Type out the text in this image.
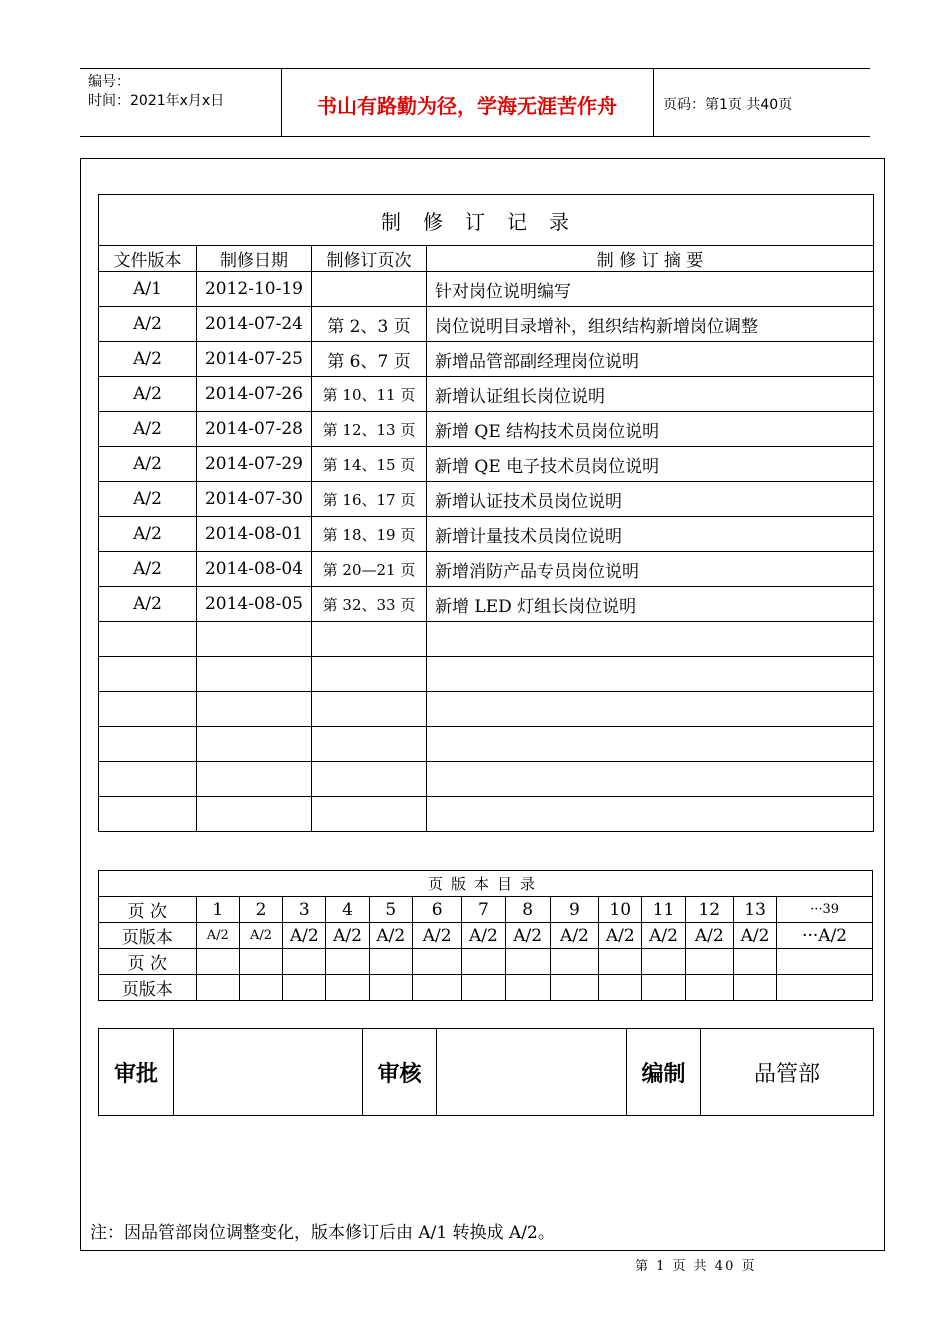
编号：
时间：2021年x月x日	书山有路勤为径，学海无涯苦作舟	页码：第1页 共40页
制修订记录			
文件版本	制修日期	制修订页次	制 修 订 摘 要
A/1	2012-10-19		针对岗位说明编写
A/2	2014-07-24	第 2、3 页	岗位说明目录增补，组织结构新增岗位调整
A/2	2014-07-25	第 6、7 页	新增品管部副经理岗位说明
A/2	2014-07-26	第 10、11 页	新增认证组长岗位说明
A/2	2014-07-28	第 12、13 页	新增 QE 结构技术员岗位说明
A/2	2014-07-29	第 14、15 页	新增 QE 电子技术员岗位说明
A/2	2014-07-30	第 16、17 页	新增认证技术员岗位说明
A/2	2014-08-01	第 18、19 页	新增计量技术员岗位说明
A/2	2014-08-04	第 20—21 页	新增消防产品专员岗位说明
A/2	2014-08-05	第 32、33 页	新增 LED 灯组长岗位说明

页版本目录														
页 次	1	2	3	4	5	6	7	8	9	10	11	12	13	···39
页版本	A/2	A/2	A/2	A/2	A/2	A/2	A/2	A/2	A/2	A/2	A/2	A/2	A/2	···A/2
页 次														
页版本														
审批		审核		编制	品管部
注：因品管部岗位调整变化，版本修订后由 A/1 转换成 A/2。
第 1 页 共 40 页
